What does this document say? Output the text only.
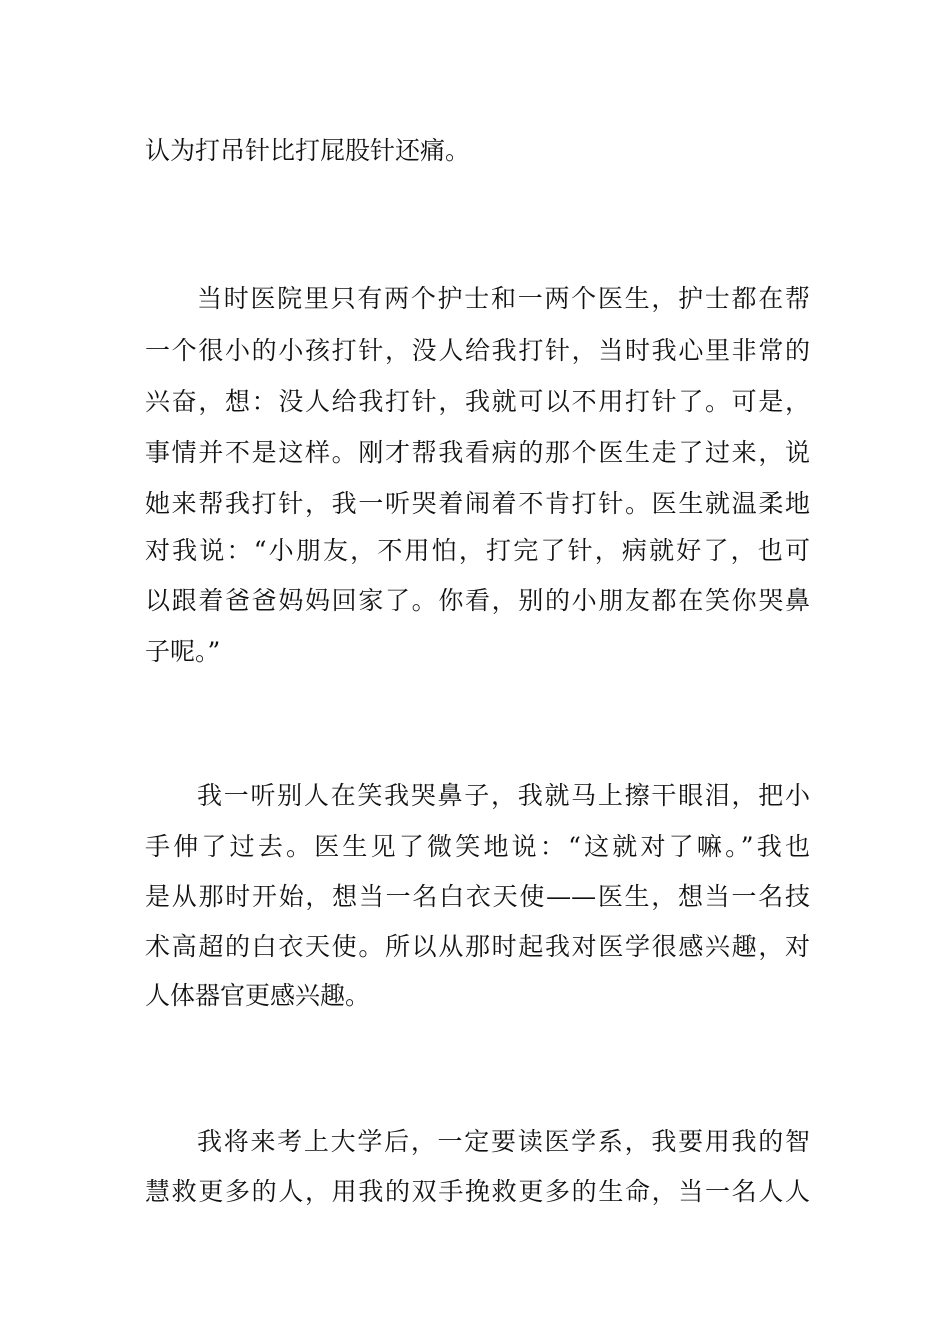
认为打吊针比打屁股针还痛。
当时医院里只有两个护士和一两个医生，护士都在帮
一个很小的小孩打针，没人给我打针，当时我心里非常的
兴奋，想：没人给我打针，我就可以不用打针了。可是，
事情并不是这样。刚才帮我看病的那个医生走了过来，说
她来帮我打针，我一听哭着闹着不肯打针。医生就温柔地
对我说：“小朋友，不用怕，打完了针，病就好了，也可
以跟着爸爸妈妈回家了。你看，别的小朋友都在笑你哭鼻
子呢。”
我一听别人在笑我哭鼻子，我就马上擦干眼泪，把小
手伸了过去。医生见了微笑地说：“这就对了嘛。”我也
是从那时开始，想当一名白衣天使——医生，想当一名技
术高超的白衣天使。所以从那时起我对医学很感兴趣，对
人体器官更感兴趣。
我将来考上大学后，一定要读医学系，我要用我的智
慧救更多的人，用我的双手挽救更多的生命，当一名人人
